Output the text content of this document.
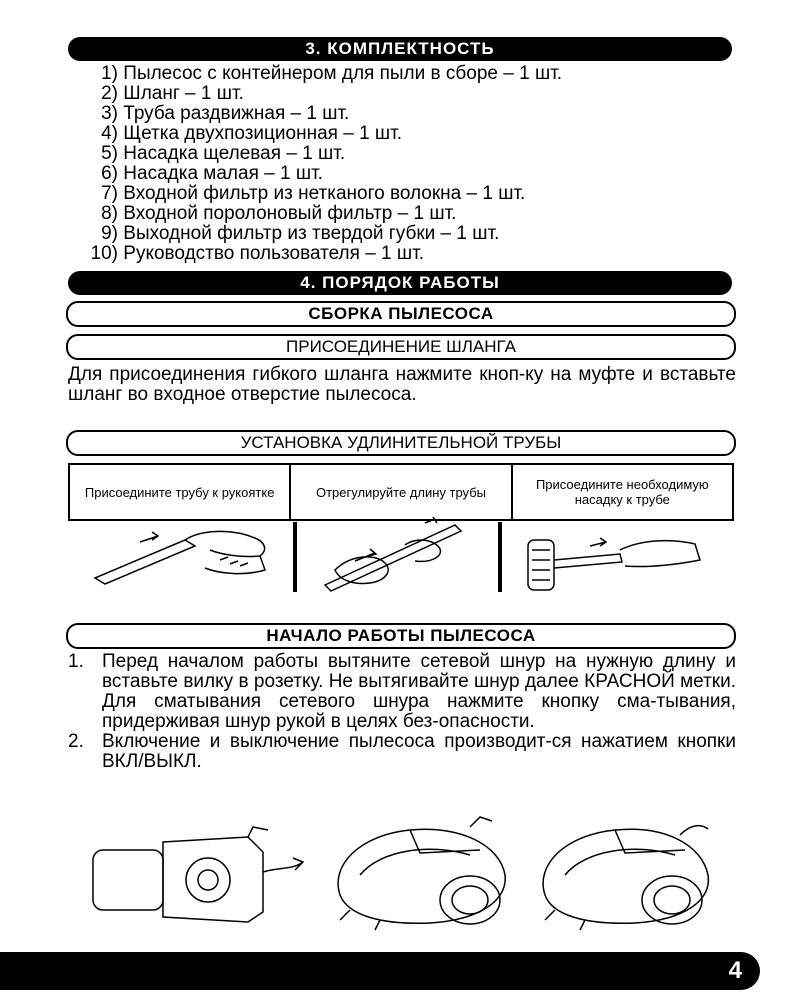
3. КОМПЛЕКТНОСТЬ
1) Пылесос с контейнером для пыли в сборе – 1 шт.
2) Шланг – 1 шт.
3) Труба раздвижная – 1 шт.
4) Щетка двухпозиционная – 1 шт.
5) Насадка щелевая – 1 шт.
6) Насадка малая – 1 шт.
7) Входной фильтр из нетканого волокна – 1 шт.
8) Входной поролоновый фильтр – 1 шт.
9) Выходной фильтр из твердой губки – 1 шт.
10) Руководство пользователя – 1 шт.
4. ПОРЯДОК РАБОТЫ
СБОРКА ПЫЛЕСОСА
ПРИСОЕДИНЕНИЕ ШЛАНГА

Для присоединения гибкого шланга нажмите кноп-ку на муфте и вставьте шланг во входное отверстие пылесоса.

УСТАНОВКА УДЛИНИТЕЛЬНОЙ ТРУБЫ
Присоедините трубу к рукоятке	Отрегулируйте длину трубы	Присоедините необходимую насадку к трубе
НАЧАЛО РАБОТЫ ПЫЛЕСОСА
1. Перед началом работы вытяните сетевой шнур на нужную длину и вставьте вилку в розетку. Не вытягивайте шнур далее КРАСНОЙ метки. Для сматывания сетевого шнура нажмите кнопку сма-тывания, придерживая шнур рукой в целях без-опасности.
2. Включение и выключение пылесоса производит-ся нажатием кнопки ВКЛ/ВЫКЛ.
4
